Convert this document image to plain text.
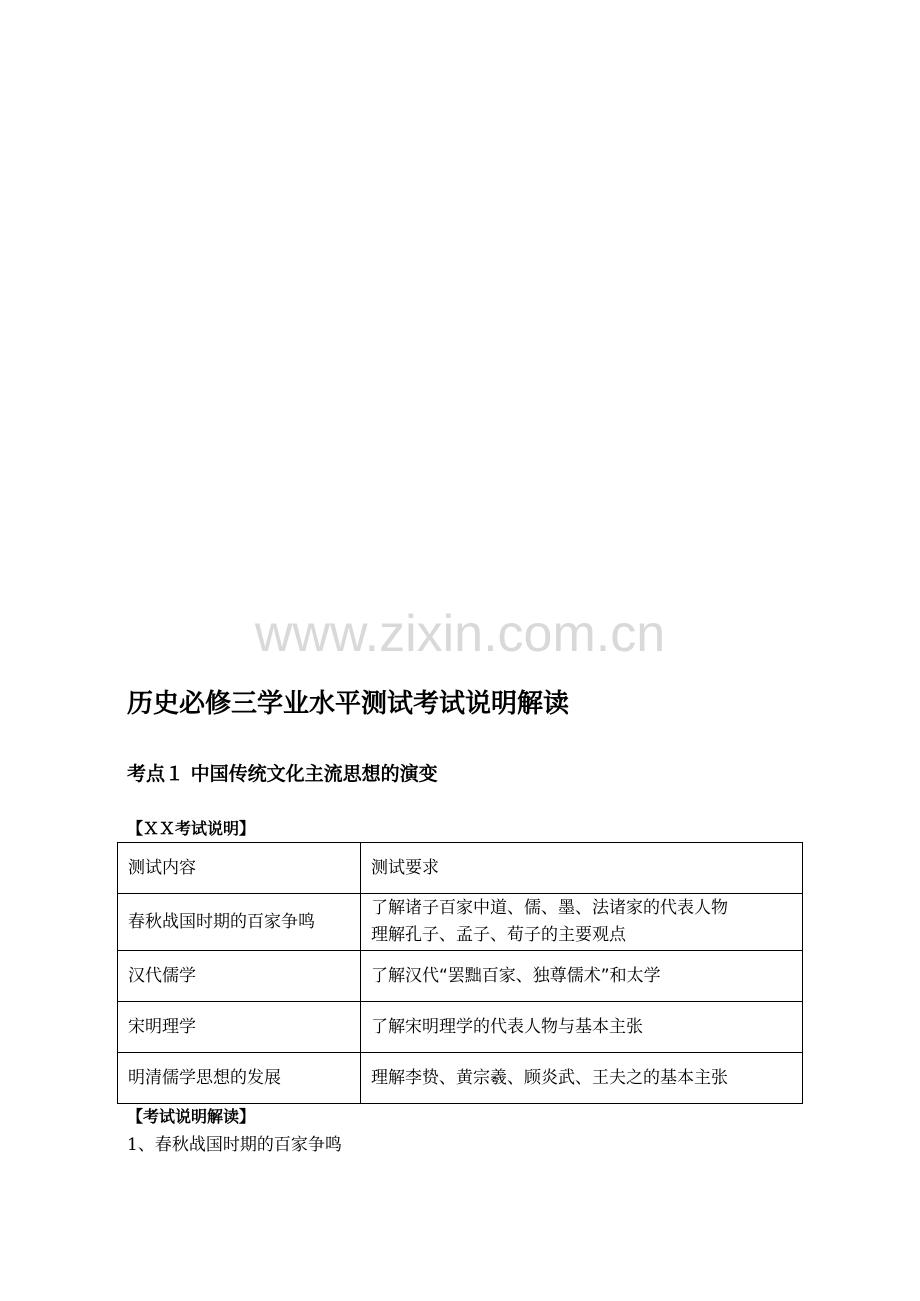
www.zixin.com.cn
历史必修三学业水平测试考试说明解读
考点１ 中国传统文化主流思想的演变
【ＸＸ考试说明】
测试内容	测试要求
春秋战国时期的百家争鸣	了解诸子百家中道、儒、墨、法诸家的代表人物
理解孔子、孟子、荀子的主要观点

汉代儒学	了解汉代“罢黜百家、独尊儒术”和太学

宋明理学	了解宋明理学的代表人物与基本主张

明清儒学思想的发展	理解李贽、黄宗羲、顾炎武、王夫之的基本主张
【考试说明解读】
1、春秋战国时期的百家争鸣
